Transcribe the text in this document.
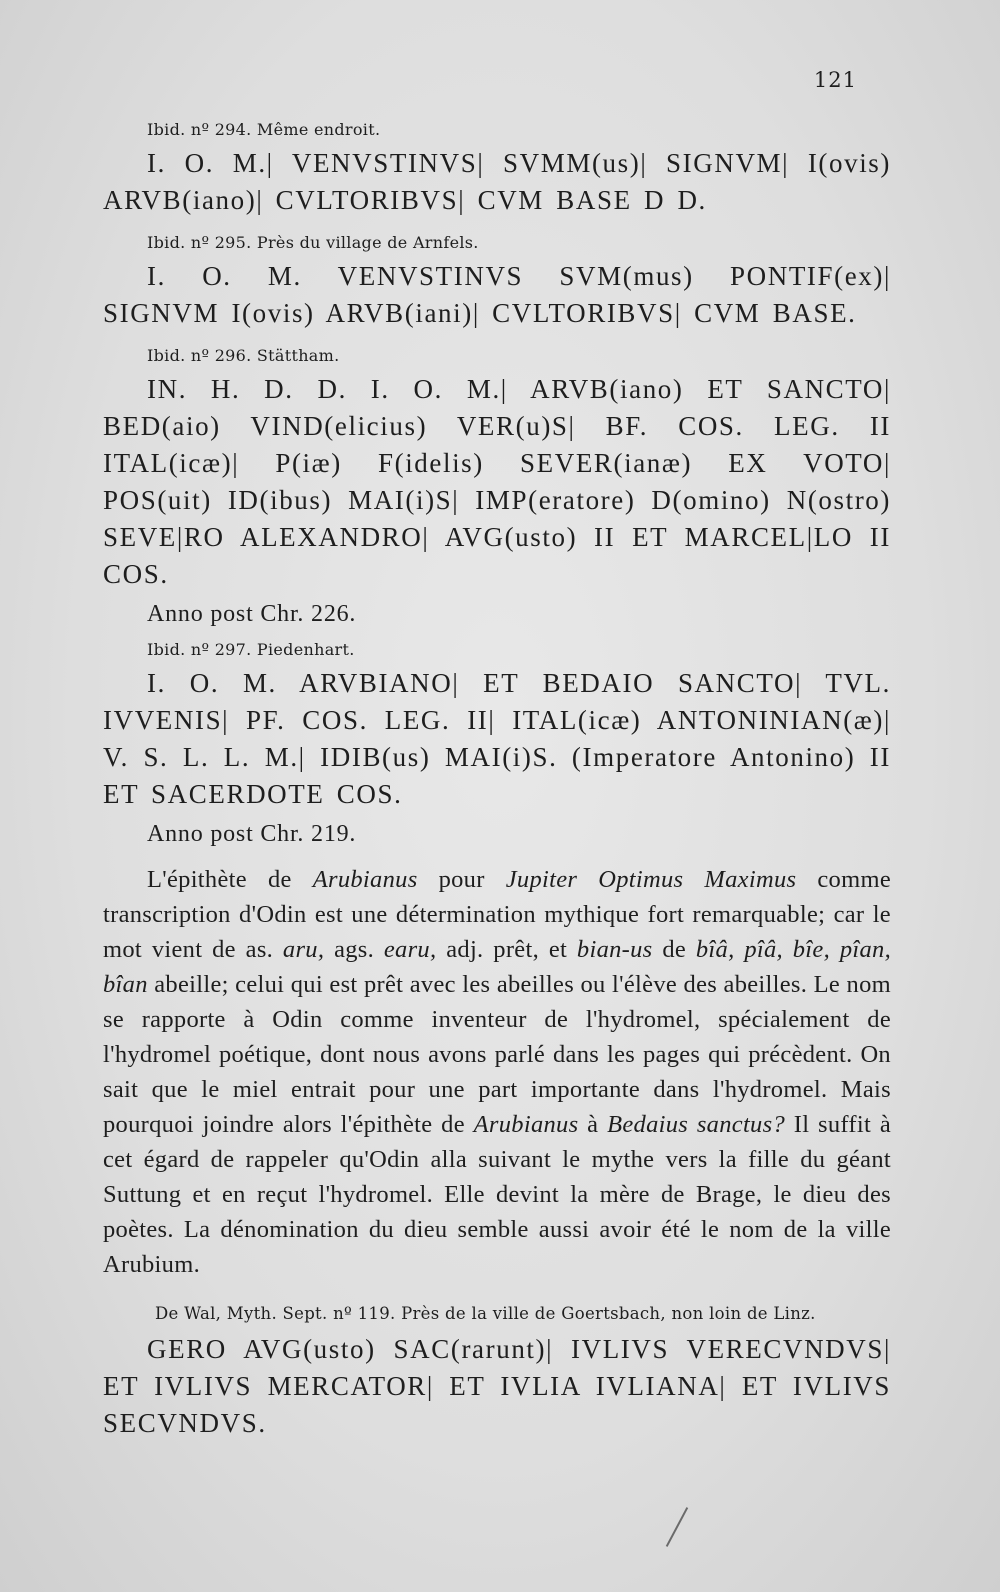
121
Ibid. nº 294. Même endroit.

I. O. M.| VENVSTINVS| SVMM(us)| SIGNVM| I(ovis) ARVB(iano)| CVLTORIBVS| CVM BASE D D.

Ibid. nº 295. Près du village de Arnfels.

I. O. M. VENVSTINVS SVM(mus) PONTIF(ex)| SIGNVM I(ovis) ARVB(iani)| CVLTORIBVS| CVM BASE.

Ibid. nº 296. Stättham.

IN. H. D. D. I. O. M.| ARVB(iano) ET SANCTO| BED(aio) VIND(elicius) VER(u)S| BF. COS. LEG. II ITAL(icæ)| P(iæ) F(idelis) SEVER(ianæ) EX VOTO| POS(uit) ID(ibus) MAI(i)S| IMP(eratore) D(omino) N(ostro) SEVE|RO ALEXANDRO| AVG(usto) II ET MARCEL|LO II COS.

Anno post Chr. 226.
Ibid. nº 297. Piedenhart.

I. O. M. ARVBIANO| ET BEDAIO SANCTO| TVL. IVVENIS| PF. COS. LEG. II| ITAL(icæ) ANTONINIAN(æ)| V. S. L. L. M.| IDIB(us) MAI(i)S. (Imperatore Antonino) II ET SACERDOTE COS.

Anno post Chr. 219.

L'épithète de Arubianus pour Jupiter Optimus Maximus comme transcription d'Odin est une détermination mythique fort remarquable; car le mot vient de as. aru, ags. earu, adj. prêt, et bian-us de bîâ, pîâ, bîe, pîan, bîan abeille; celui qui est prêt avec les abeilles ou l'élève des abeilles. Le nom se rapporte à Odin comme inventeur de l'hydromel, spécialement de l'hydromel poétique, dont nous avons parlé dans les pages qui précèdent. On sait que le miel entrait pour une part importante dans l'hydromel. Mais pourquoi joindre alors l'épithète de Arubianus à Bedaius sanctus? Il suffit à cet égard de rappeler qu'Odin alla suivant le mythe vers la fille du géant Suttung et en reçut l'hydromel. Elle devint la mère de Brage, le dieu des poètes. La dénomination du dieu semble aussi avoir été le nom de la ville Arubium.

De Wal, Myth. Sept. nº 119. Près de la ville de Goertsbach, non loin de Linz.

GERO AVG(usto) SAC(rarunt)| IVLIVS VERECVNDVS| ET IVLIVS MERCATOR| ET IVLIA IVLIANA| ET IVLIVS SECVNDVS.
